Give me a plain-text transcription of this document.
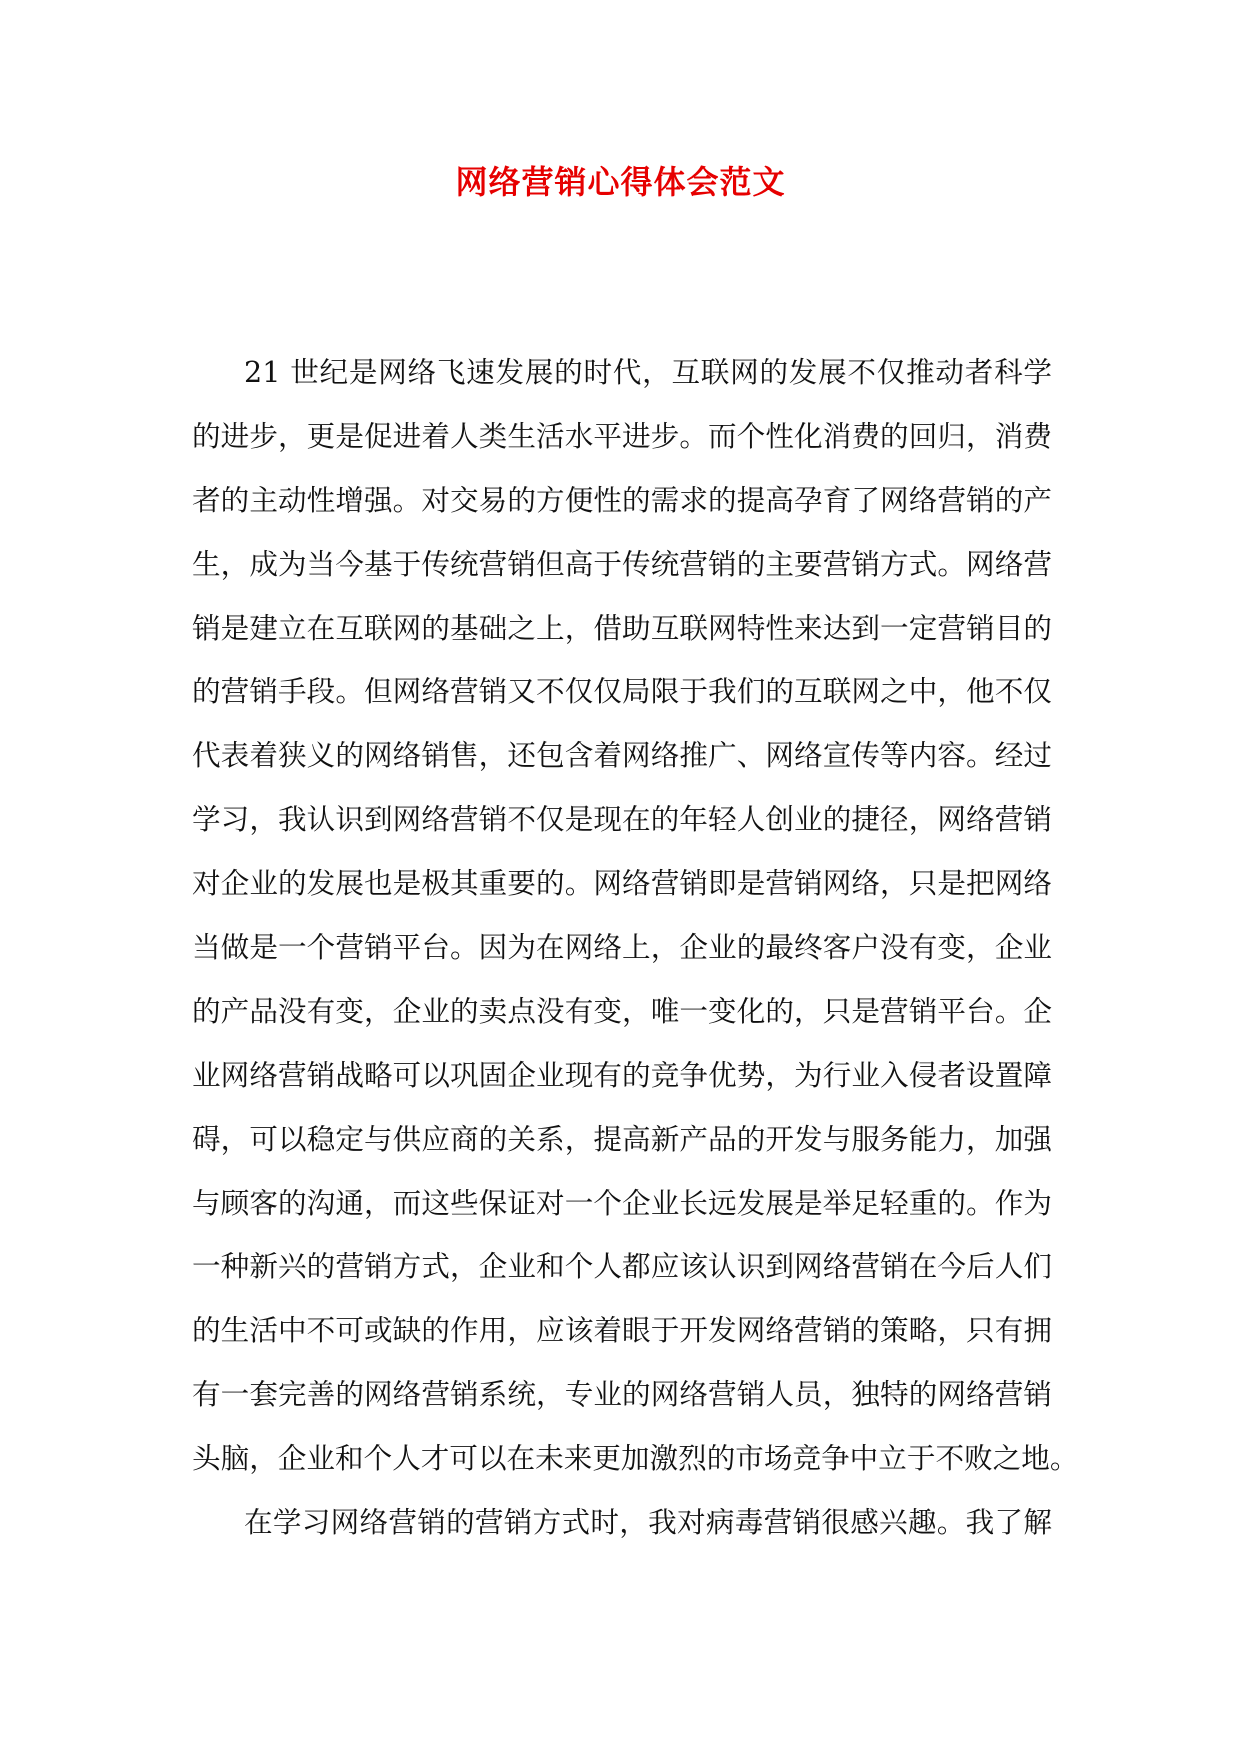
网络营销心得体会范文
21 世纪是网络飞速发展的时代，互联网的发展不仅推动者科学
的进步，更是促进着人类生活水平进步。而个性化消费的回归，消费
者的主动性增强。对交易的方便性的需求的提高孕育了网络营销的产
生，成为当今基于传统营销但高于传统营销的主要营销方式。网络营
销是建立在互联网的基础之上，借助互联网特性来达到一定营销目的
的营销手段。但网络营销又不仅仅局限于我们的互联网之中，他不仅
代表着狭义的网络销售，还包含着网络推广、网络宣传等内容。经过
学习，我认识到网络营销不仅是现在的年轻人创业的捷径，网络营销
对企业的发展也是极其重要的。网络营销即是营销网络，只是把网络
当做是一个营销平台。因为在网络上，企业的最终客户没有变，企业
的产品没有变，企业的卖点没有变，唯一变化的，只是营销平台。企
业网络营销战略可以巩固企业现有的竞争优势，为行业入侵者设置障
碍，可以稳定与供应商的关系，提高新产品的开发与服务能力，加强
与顾客的沟通，而这些保证对一个企业长远发展是举足轻重的。作为
一种新兴的营销方式，企业和个人都应该认识到网络营销在今后人们
的生活中不可或缺的作用，应该着眼于开发网络营销的策略，只有拥
有一套完善的网络营销系统，专业的网络营销人员，独特的网络营销
头脑，企业和个人才可以在未来更加激烈的市场竞争中立于不败之地。
在学习网络营销的营销方式时，我对病毒营销很感兴趣。我了解
